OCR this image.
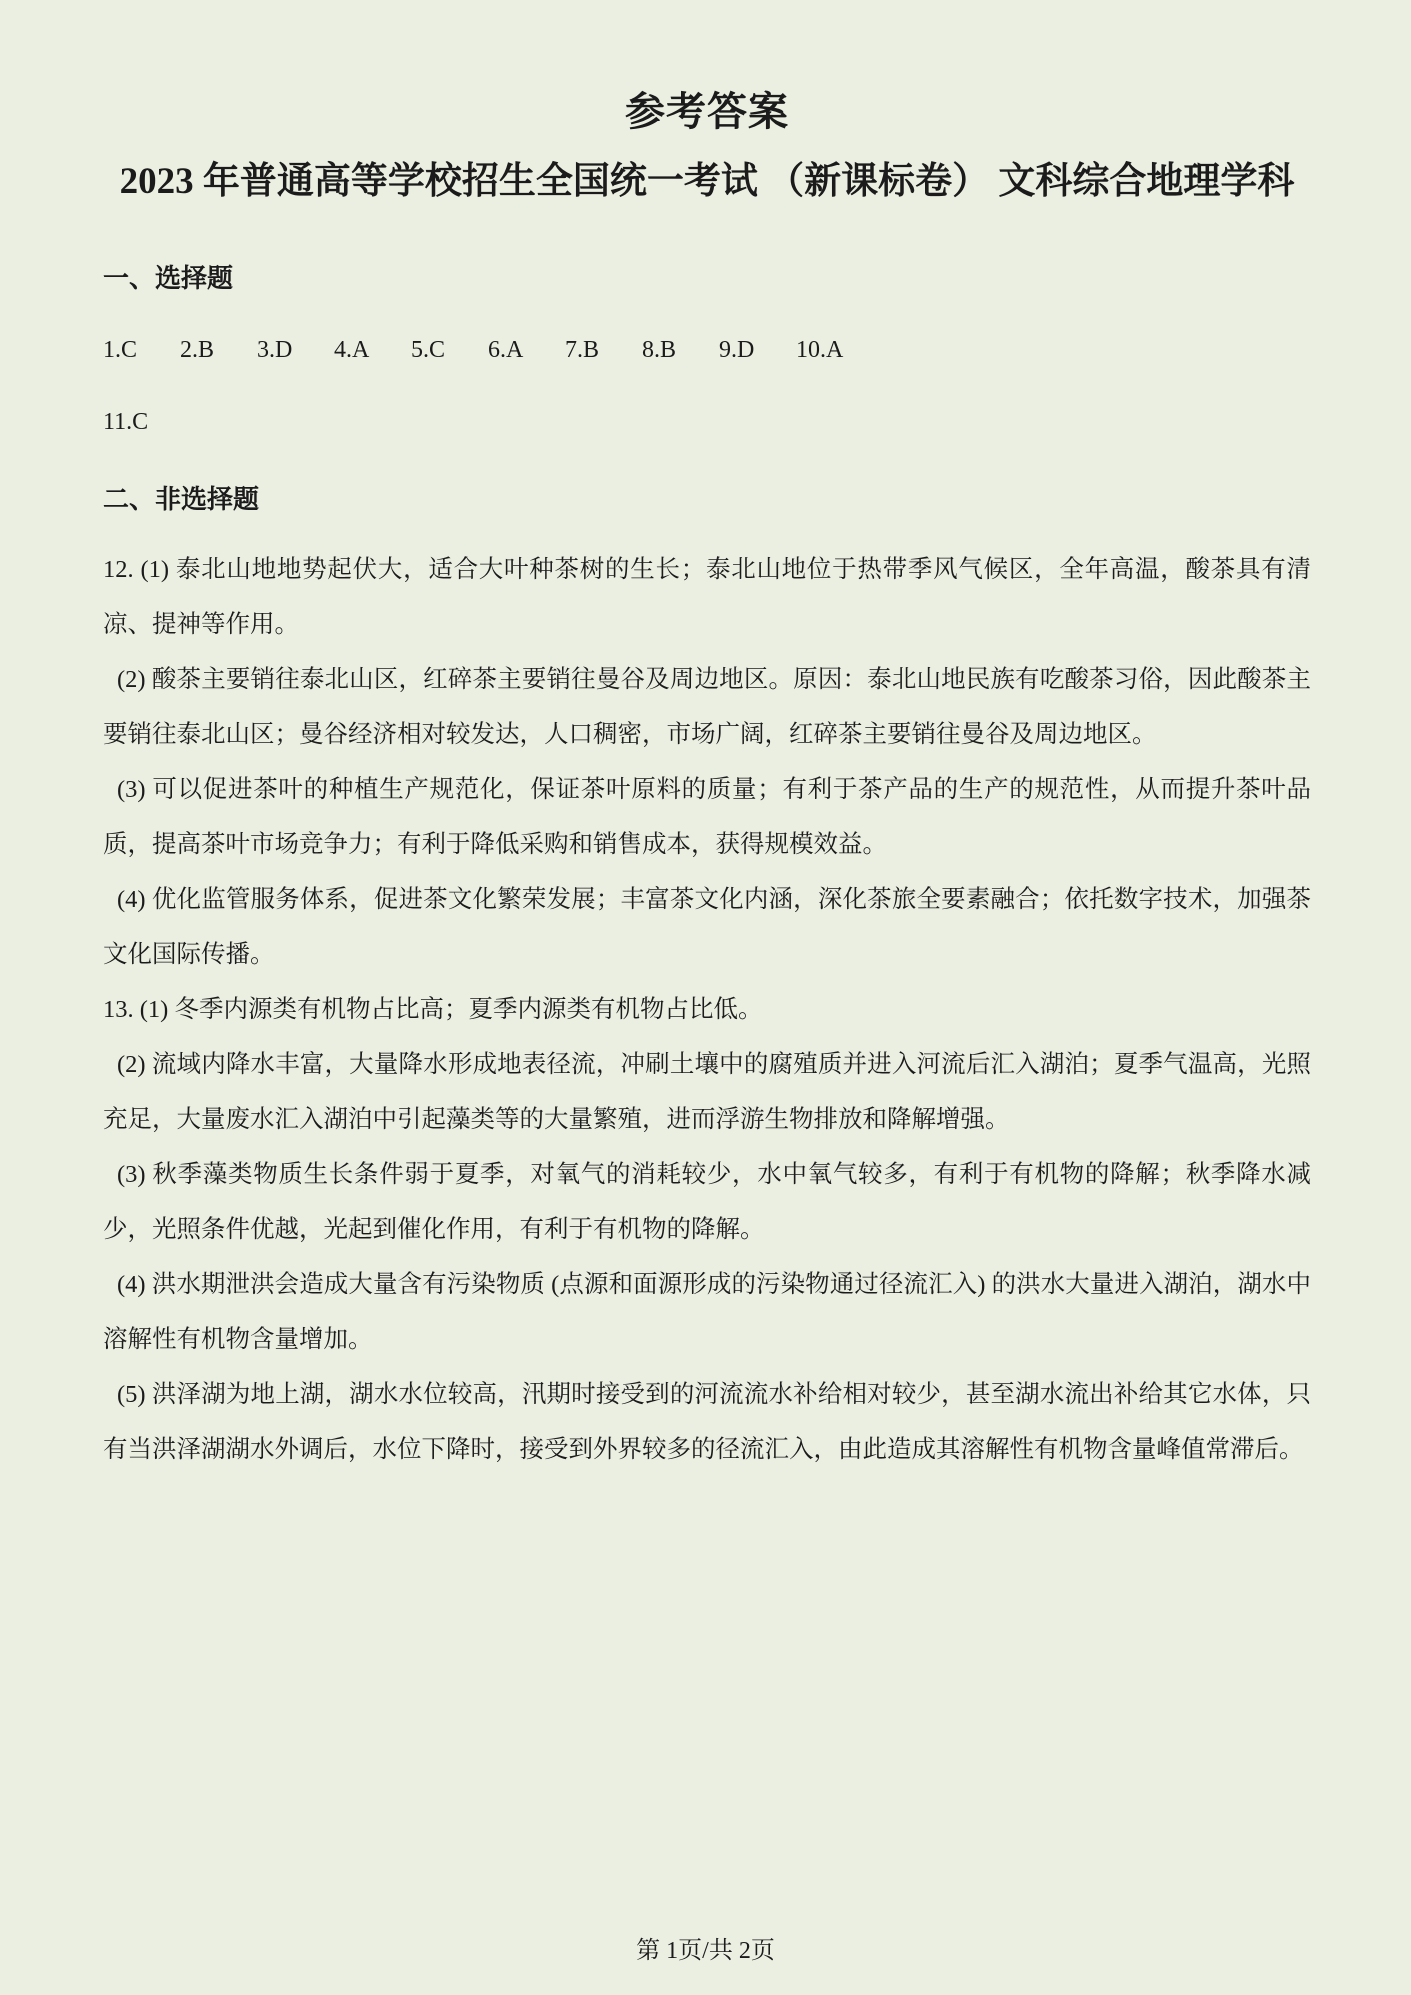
参考答案
2023 年普通高等学校招生全国统一考试 （新课标卷） 文科综合地理学科
一、选择题
1.C	2.B	3.D	4.A	5.C	6.A	7.B	8.B	9.D	10.A
11.C
二、非选择题

12. (1) 泰北山地地势起伏大，适合大叶种茶树的生长；泰北山地位于热带季风气候区，全年高温，酸茶具有清凉、提神等作用。

(2) 酸茶主要销往泰北山区，红碎茶主要销往曼谷及周边地区。原因：泰北山地民族有吃酸茶习俗，因此酸茶主要销往泰北山区；曼谷经济相对较发达，人口稠密，市场广阔，红碎茶主要销往曼谷及周边地区。

(3) 可以促进茶叶的种植生产规范化，保证茶叶原料的质量；有利于茶产品的生产的规范性，从而提升茶叶品质，提高茶叶市场竞争力；有利于降低采购和销售成本，获得规模效益。

(4) 优化监管服务体系，促进茶文化繁荣发展；丰富茶文化内涵，深化茶旅全要素融合；依托数字技术，加强茶文化国际传播。

13. (1) 冬季内源类有机物占比高；夏季内源类有机物占比低。

(2) 流域内降水丰富，大量降水形成地表径流，冲刷土壤中的腐殖质并进入河流后汇入湖泊；夏季气温高，光照充足，大量废水汇入湖泊中引起藻类等的大量繁殖，进而浮游生物排放和降解增强。

(3) 秋季藻类物质生长条件弱于夏季，对氧气的消耗较少，水中氧气较多，有利于有机物的降解；秋季降水减少，光照条件优越，光起到催化作用，有利于有机物的降解。

(4) 洪水期泄洪会造成大量含有污染物质 (点源和面源形成的污染物通过径流汇入) 的洪水大量进入湖泊，湖水中溶解性有机物含量增加。

(5) 洪泽湖为地上湖，湖水水位较高，汛期时接受到的河流流水补给相对较少，甚至湖水流出补给其它水体，只有当洪泽湖湖水外调后，水位下降时，接受到外界较多的径流汇入，由此造成其溶解性有机物含量峰值常滞后。

第 1页/共 2页
